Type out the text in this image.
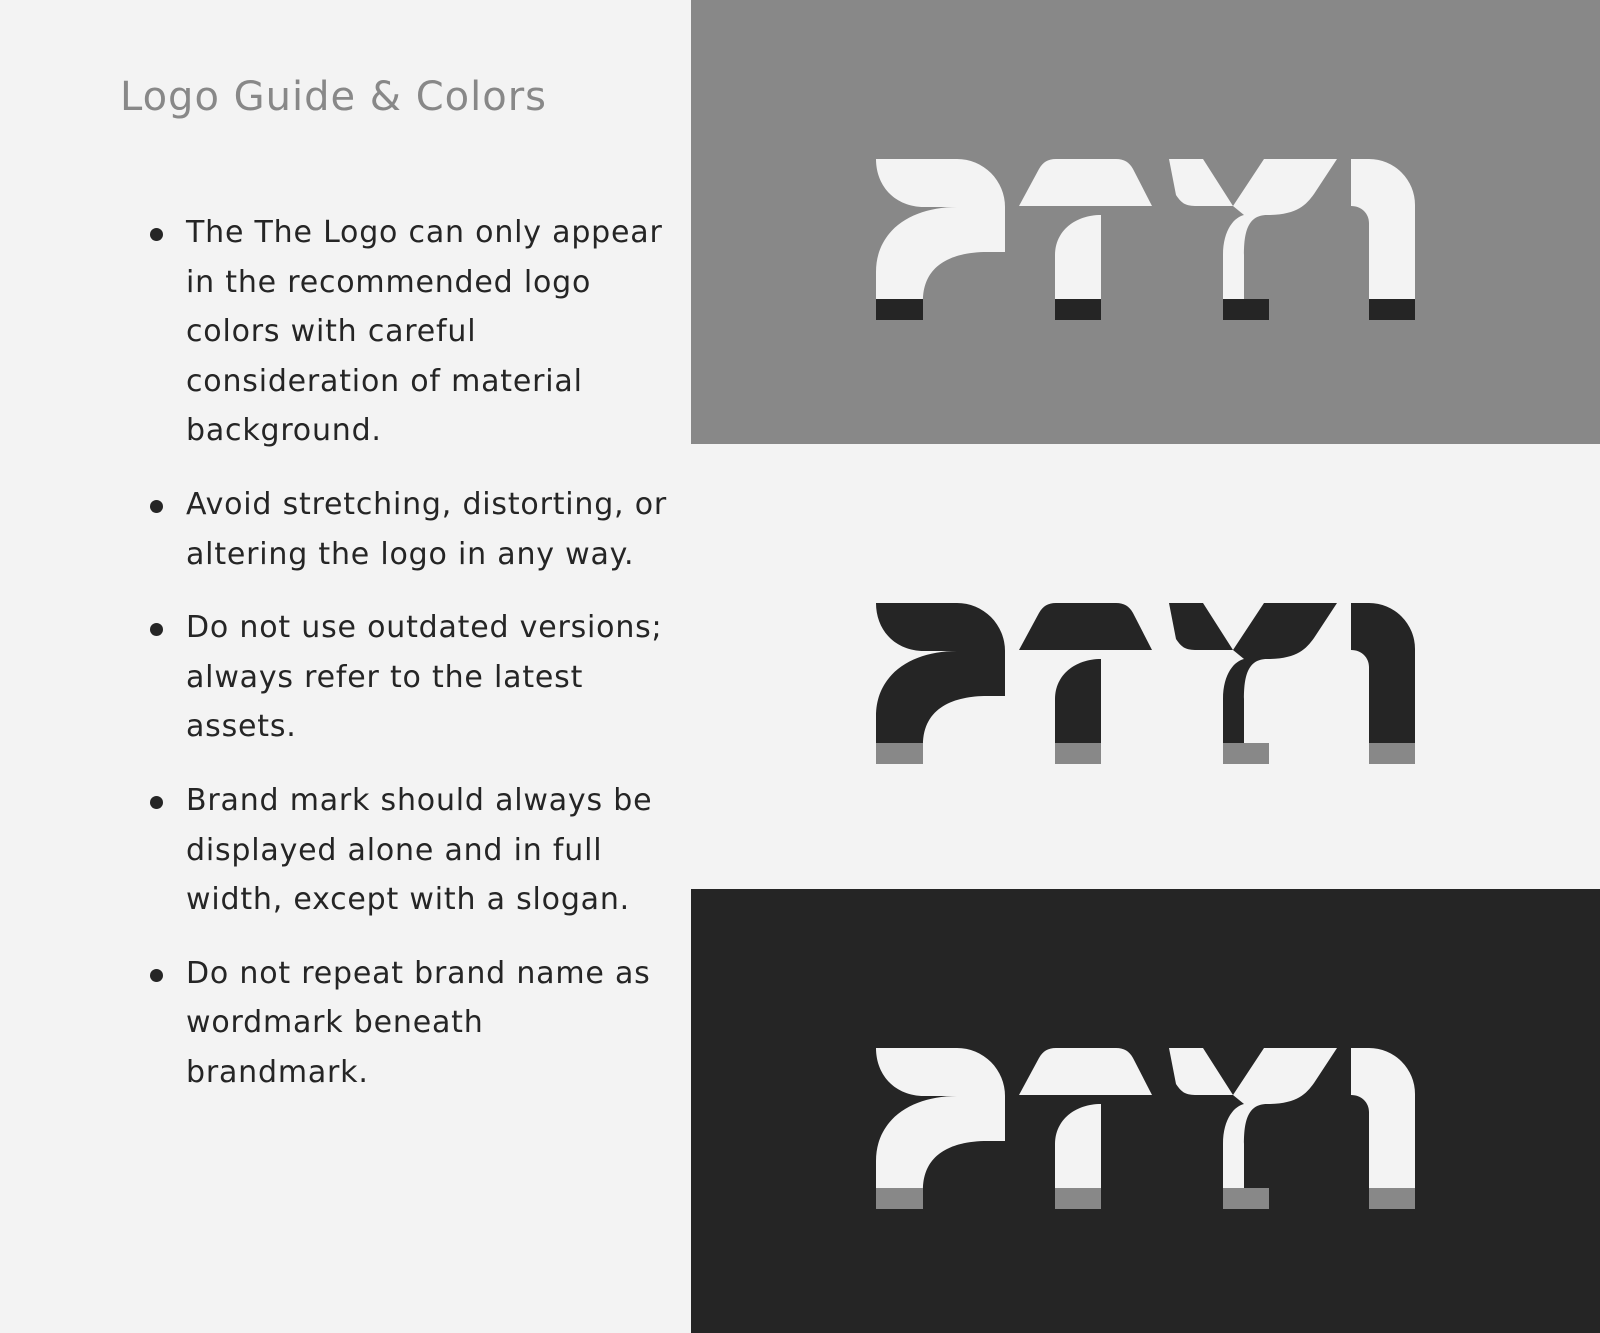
Logo Guide & Colors
The The Logo can only appear in the recommended logo colors with careful consideration of material background.
Avoid stretching, distorting, or altering the logo in any way.
Do not use outdated versions; always refer to the latest assets.
Brand mark should always be displayed alone and in full width, except with a slogan.
Do not repeat brand name as wordmark beneath brandmark.
